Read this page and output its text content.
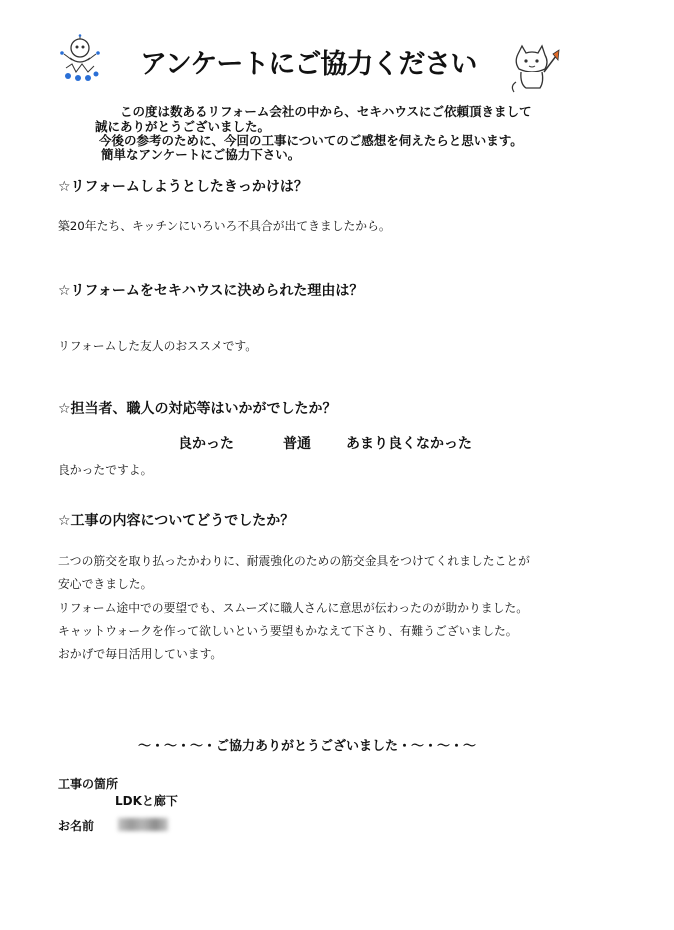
アンケートにご協力ください
この度は数あるリフォーム会社の中から、セキハウスにご依頼頂きまして
誠にありがとうございました。
今後の参考のために、今回の工事についてのご感想を伺えたらと思います。
簡単なアンケートにご協力下さい。
☆リフォームしようとしたきっかけは？
築20年たち、キッチンにいろいろ不具合が出てきましたから。
☆リフォームをセキハウスに決められた理由は？
リフォームした友人のおススメです。
☆担当者、職人の対応等はいかがでしたか？
良かった	普通	あまり良くなかった
良かったですよ。
☆工事の内容についてどうでしたか？
二つの筋交を取り払ったかわりに、耐震強化のための筋交金具をつけてくれましたことが
安心できました。
リフォーム途中での要望でも、スムーズに職人さんに意思が伝わったのが助かりました。
キャットウォークを作って欲しいという要望もかなえて下さり、有難うございました。
おかげで毎日活用しています。
～・～・～・ご協力ありがとうございました・～・～・～
工事の箇所
LDKと廊下
お名前
